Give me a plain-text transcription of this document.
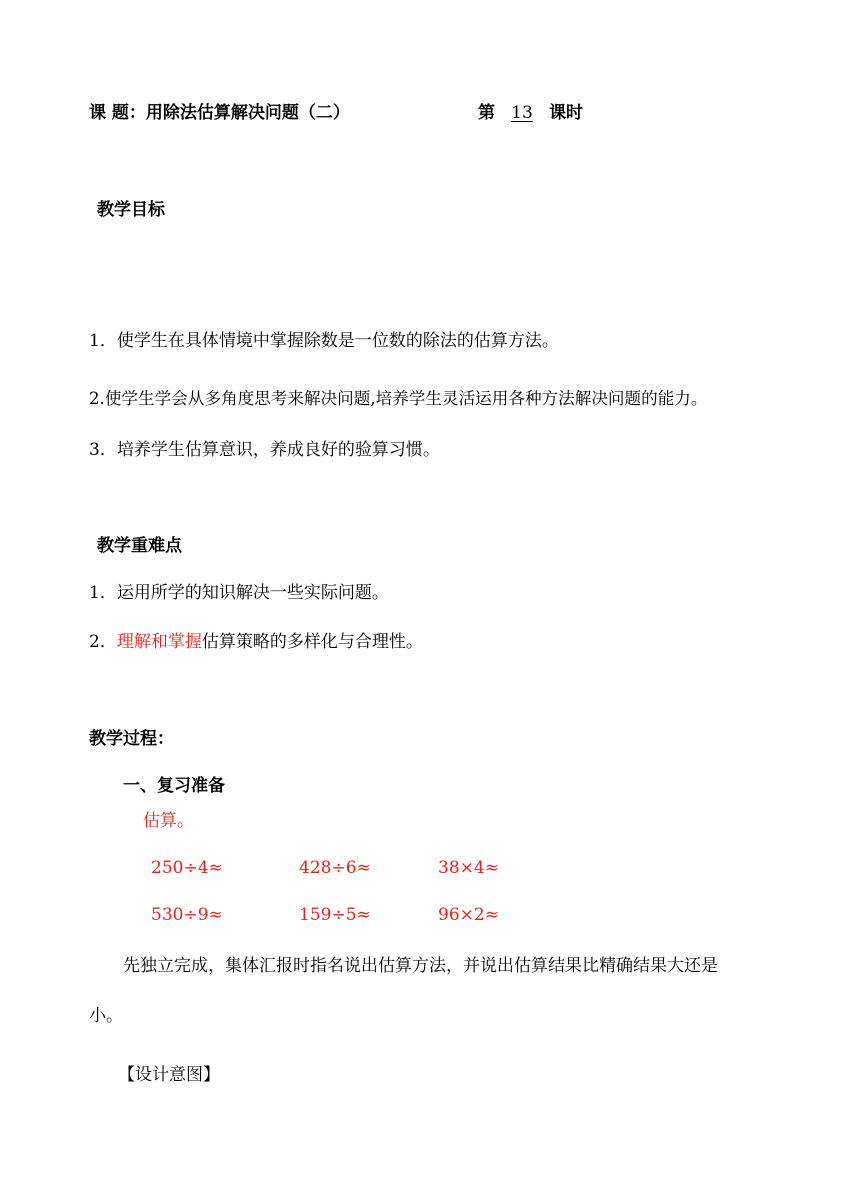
课 题：用除法估算解决问题（二）	第 13 课时
教学目标
1．使学生在具体情境中掌握除数是一位数的除法的估算方法。
2.使学生学会从多角度思考来解决问题,培养学生灵活运用各种方法解决问题的能力。
3．培养学生估算意识，养成良好的验算习惯。
教学重难点
1．运用所学的知识解决一些实际问题。
2．理解和掌握估算策略的多样化与合理性。
教学过程：
一、复习准备
估算。
250÷4≈	428÷6≈	38×4≈
530÷9≈	159÷5≈	96×2≈
先独立完成，集体汇报时指名说出估算方法，并说出估算结果比精确结果大还是
小。
【设计意图】
